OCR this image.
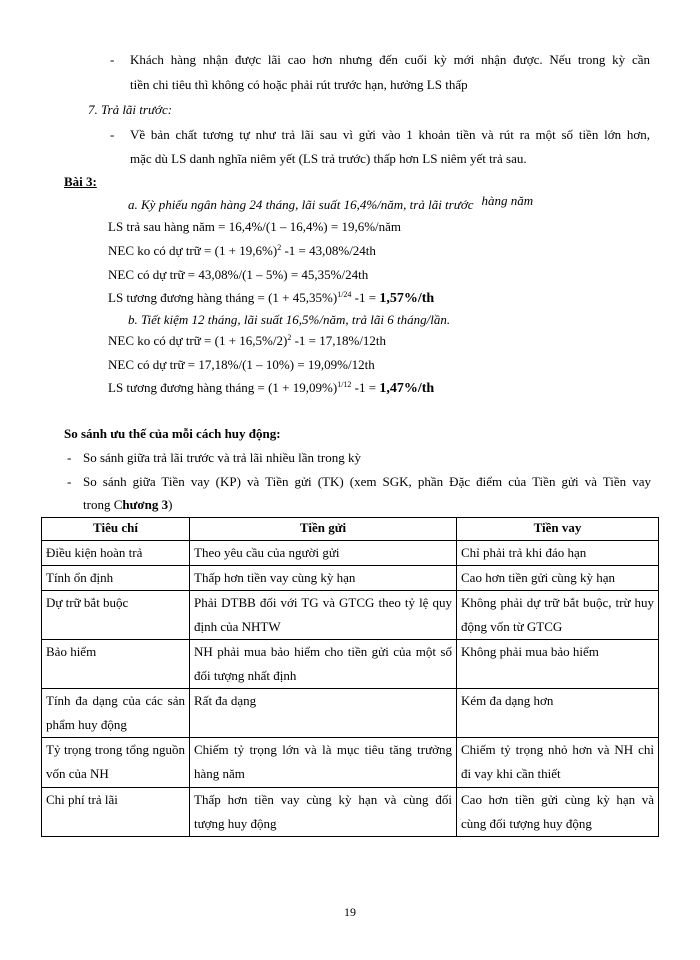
- Khách hàng nhận được lãi cao hơn nhưng đến cuối kỳ mới nhận được. Nếu trong kỳ cần
tiền chi tiêu thì không có hoặc phải rút trước hạn, hưởng LS thấp
7. Trả lãi trước:
- Về bản chất tương tự như trả lãi sau vì gửi vào 1 khoản tiền và rút ra một số tiền lớn hơn,
mặc dù LS danh nghĩa niêm yết (LS trả trước) thấp hơn LS niêm yết trả sau.
Bài 3:
a. Kỳ phiếu ngân hàng 24 tháng, lãi suất 16,4%/năm, trả lãi trước hàng năm
LS trả sau hàng năm = 16,4%/(1 – 16,4%) = 19,6%/năm
NEC ko có dự trữ = $(1 + 19,6\%)^2$ -1 = 43,08%/24th
NEC có dự trữ = 43,08%/(1 – 5%) = 45,35%/24th
LS tương đương hàng tháng = $(1 + 45,35\%)^{1/24}$ -1 = 1,57%/th
b. Tiết kiệm 12 tháng, lãi suất 16,5%/năm, trả lãi 6 tháng/lần.
NEC ko có dự trữ = $(1 + 16,5\%/2)^2$ -1 = 17,18%/12th
NEC có dự trữ = 17,18%/(1 – 10%) = 19,09%/12th
LS tương đương hàng tháng = $(1 + 19,09\%)^{1/12}$ -1 = 1,47%/th
So sánh ưu thế của mỗi cách huy động:
- So sánh giữa trả lãi trước và trả lãi nhiều lần trong kỳ
- So sánh giữa Tiền vay (KP) và Tiền gửi (TK) (xem SGK, phần Đặc điểm của Tiền gửi và Tiền vay
trong Chương 3)
Tiêu chí	Tiền gửi	Tiền vay
Điều kiện hoàn trả	Theo yêu cầu của người gửi	Chỉ phải trả khi đáo hạn
Tính ổn định	Thấp hơn tiền vay cùng kỳ hạn	Cao hơn tiền gửi cùng kỳ hạn
Dự trữ bắt buộc	Phải DTBB đối với TG và GTCG theo tỷ lệ quy định của NHTW	Không phải dự trữ bắt buộc, trừ huy động vốn từ GTCG
Bảo hiểm	NH phải mua bảo hiểm cho tiền gửi của một số đối tượng nhất định	Không phải mua bảo hiểm
Tính đa dạng của các sản phẩm huy động	Rất đa dạng	Kém đa dạng hơn
Tỷ trọng trong tổng nguồn vốn của NH	Chiếm tỷ trọng lớn và là mục tiêu tăng trưởng hàng năm	Chiếm tỷ trọng nhỏ hơn và NH chỉ đi vay khi cần thiết
Chi phí trả lãi	Thấp hơn tiền vay cùng kỳ hạn và cùng đối tượng huy động	Cao hơn tiền gửi cùng kỳ hạn và cùng đối tượng huy động
19
